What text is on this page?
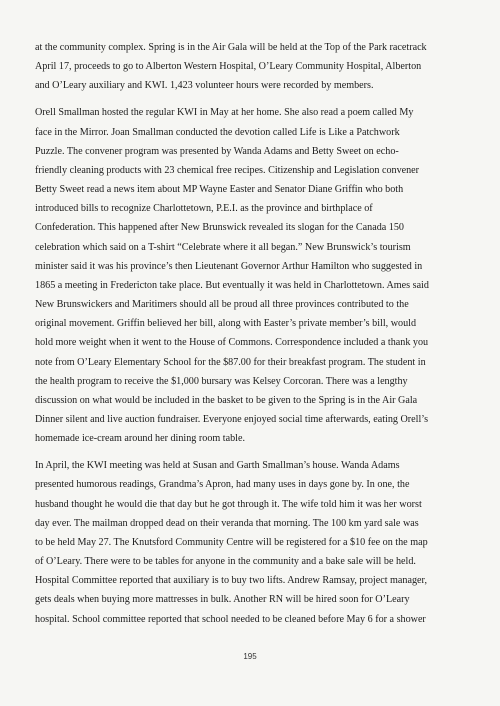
at the community complex. Spring is in the Air Gala will be held at the Top of the Park racetrack
April 17, proceeds to go to Alberton Western Hospital, O’Leary Community Hospital, Alberton
and O’Leary auxiliary and KWI. 1,423 volunteer hours were recorded by members.
Orell Smallman hosted the regular KWI in May at her home. She also read a poem called My
face in the Mirror. Joan Smallman conducted the devotion called Life is Like a Patchwork
Puzzle. The convener program was presented by Wanda Adams and Betty Sweet on echo-
friendly cleaning products with 23 chemical free recipes. Citizenship and Legislation convener
Betty Sweet read a news item about MP Wayne Easter and Senator Diane Griffin who both
introduced bills to recognize Charlottetown, P.E.I. as the province and birthplace of
Confederation. This happened after New Brunswick revealed its slogan for the Canada 150
celebration which said on a T-shirt “Celebrate where it all began.” New Brunswick’s tourism
minister said it was his province’s then Lieutenant Governor Arthur Hamilton who suggested in
1865 a meeting in Fredericton take place. But eventually it was held in Charlottetown. Ames said
New Brunswickers and Maritimers should all be proud all three provinces contributed to the
original movement. Griffin believed her bill, along with Easter’s private member’s bill, would
hold more weight when it went to the House of Commons. Correspondence included a thank you
note from O’Leary Elementary School for the $87.00 for their breakfast program. The student in
the health program to receive the $1,000 bursary was Kelsey Corcoran. There was a lengthy
discussion on what would be included in the basket to be given to the Spring is in the Air Gala
Dinner silent and live auction fundraiser. Everyone enjoyed social time afterwards, eating Orell’s
homemade ice-cream around her dining room table.
In April, the KWI meeting was held at Susan and Garth Smallman’s house. Wanda Adams
presented humorous readings, Grandma’s Apron, had many uses in days gone by. In one, the
husband thought he would die that day but he got through it. The wife told him it was her worst
day ever. The mailman dropped dead on their veranda that morning. The 100 km yard sale was
to be held May 27. The Knutsford Community Centre will be registered for a $10 fee on the map
of O’Leary. There were to be tables for anyone in the community and a bake sale will be held.
Hospital Committee reported that auxiliary is to buy two lifts. Andrew Ramsay, project manager,
gets deals when buying more mattresses in bulk. Another RN will be hired soon for O’Leary
hospital. School committee reported that school needed to be cleaned before May 6 for a shower
195
